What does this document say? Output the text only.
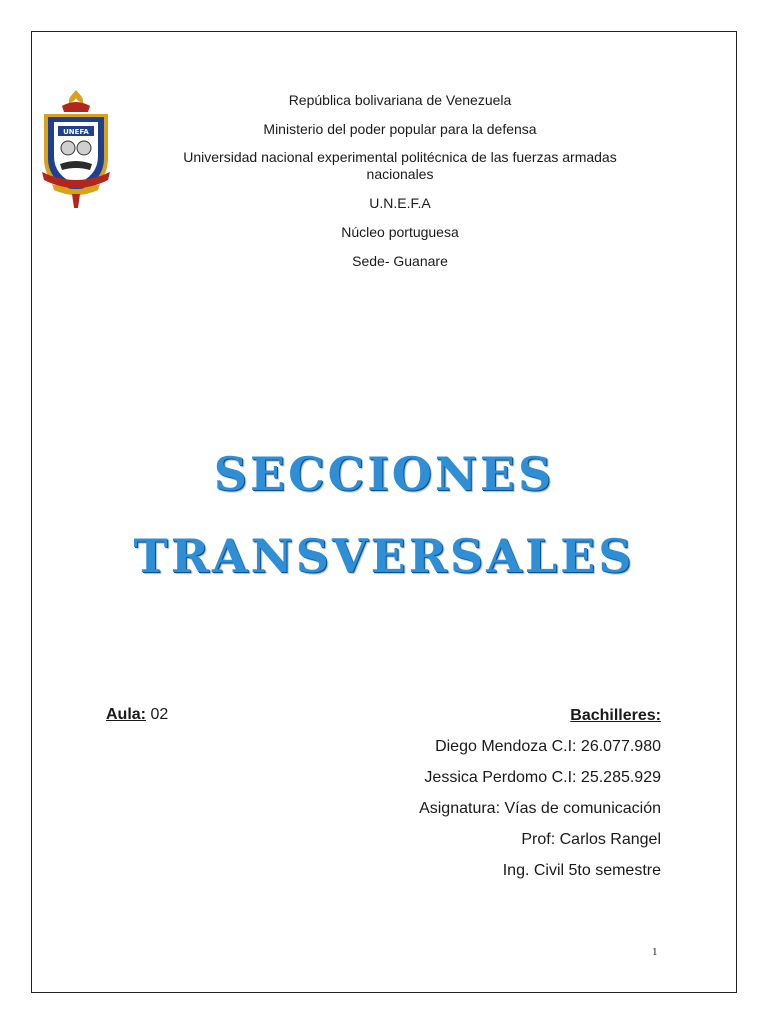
UNEFA

República bolivariana de Venezuela

Ministerio del poder popular para la defensa

Universidad nacional experimental politécnica de las fuerzas armadas

nacionales

U.N.E.F.A

Núcleo portuguesa

Sede- Guanare

SECCIONES
TRANSVERSALES
Aula: 02	Bachilleres:
Diego Mendoza C.I: 26.077.980
Jessica Perdomo C.I: 25.285.929
Asignatura: Vías de comunicación
Prof: Carlos Rangel
Ing. Civil 5to semestre
1
